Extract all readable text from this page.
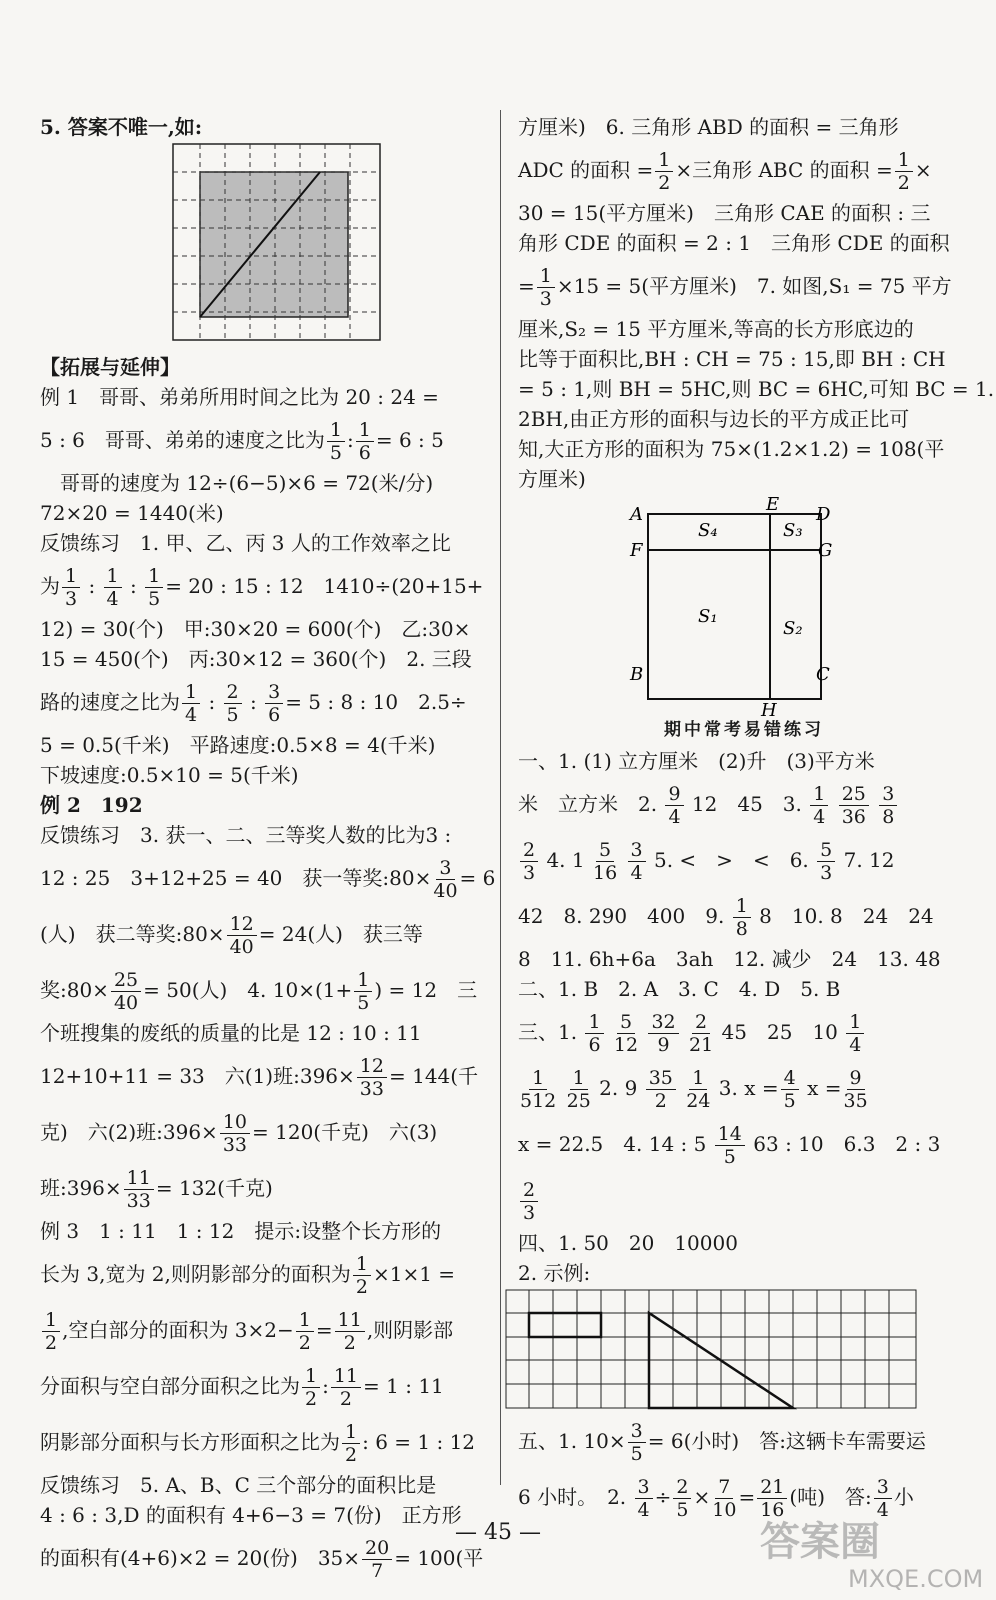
5. 答案不唯一,如:
【拓展与延伸】
例 1　哥哥、弟弟所用时间之比为 20 : 24 =
5 : 6　哥哥、弟弟的速度之比为 $\frac{1}{5}$ : $\frac{1}{6} = 6$ : 5
　哥哥的速度为 12÷(6−5)×6 = 72(米/分)
72×20 = 1440(米)
反馈练习　1. 甲、乙、丙 3 人的工作效率之比
为 $\frac{1}{3}$ : $\frac{1}{4}$ : $\frac{1}{5} = 20$ : 15 : 12　1410÷(20+15+
12) = 30(个)　甲:30×20 = 600(个)　乙:30×
15 = 450(个)　丙:30×12 = 360(个)　2. 三段
路的速度之比为 $\frac{1}{4}$ : $\frac{2}{5}$ : $\frac{3}{6} = 5$ : 8 : 10　2.5÷
5 = 0.5(千米)　平路速度:0.5×8 = 4(千米)
下坡速度:0.5×10 = 5(千米)
例 2　192
反馈练习　3. 获一、二、三等奖人数的比为3 :
12 : 25　3+12+25 = 40　获一等奖:80× $\frac{3}{40} = 6$
(人)　获二等奖:80× $\frac{12}{40} = 24$(人)　获三等
奖:80× $\frac{25}{40} = 50$(人)　4. $10\times(1+ \frac{1}{5}$ ) = 12　三
个班搜集的废纸的质量的比是 12 : 10 : 11
12+10+11 = 33　六(1)班:396× $\frac{12}{33} = 144$(千
克)　六(2)班:396× $\frac{10}{33} = 120$(千克)　六(3)
班:396× $\frac{11}{33} = 132$(千克)
例 3　1 : 11　1 : 12　提示:设整个长方形的
长为 3,宽为 2,则阴影部分的面积为 $\frac{1}{2} \times 1\times 1$ =
$\frac{1}{2}$ ,空白部分的面积为 $3\times 2- \frac{1}{2} = \frac{11}{2}$ ,则阴影部
分面积与空白部分面积之比为 $\frac{1}{2}$ : $\frac{11}{2} = 1$ : 11
阴影部分面积与长方形面积之比为 $\frac{1}{2}$ : 6 = 1 : 12
反馈练习　5. A、B、C 三个部分的面积比是
4 : 6 : 3,D 的面积有 4+6−3 = 7(份)　正方形
的面积有(4+6)×2 = 20(份)　$35\times \frac{20}{7} = 100$(平
方厘米)　6. 三角形 ABD 的面积 = 三角形
ADC 的面积 = $\frac{1}{2}$ ×三角形 ABC 的面积 = $\frac{1}{2}$ ×
30 = 15(平方厘米)　三角形 CAE 的面积 : 三
角形 CDE 的面积 = 2 : 1　三角形 CDE 的面积
= $\frac{1}{3} \times 15 = 5$(平方厘米)　7. 如图,S₁ = 75 平方
厘米,S₂ = 15 平方厘米,等高的长方形底边的
比等于面积比,BH : CH = 75 : 15,即 BH : CH
= 5 : 1,则 BH = 5HC,则 BC = 6HC,可知 BC = 1.
2BH,由正方形的面积与边长的平方成正比可
知,大正方形的面积为 75×(1.2×1.2) = 108(平
方厘米)
A	E D
F	G
B
H
C
S₄	S₃
S₁
S₂
期中常考易错练习
一、1. (1) 立方厘米　(2)升　(3)平方米
米　立方米　2. $\frac{9}{4} 12$　45　3. $\frac{1}{4}$
$\frac{25}{36}$
$\frac{3}{8}$
$\frac{2}{3} 4$. $1 \frac{5}{16}$
$\frac{3}{4} 5$. <　>　<　6. $\frac{5}{3} 7$. 12
42　8. 290　400　9. $\frac{1}{8} 8$　10. 8　24　24
8　11. 6h+6a　3ah　12. 减少　24　13. 48
二、1. B　2. A　3. C　4. D　5. B
三、1. $\frac{1}{6}$
$\frac{5}{12}$
$\frac{32}{9}$
$\frac{2}{21} 45$　25　$10 \frac{1}{4}$
$\frac{1}{512}$
$\frac{1}{25} 2$. $9 \frac{35}{2}$
$\frac{1}{24} 3$. $x = \frac{4}{5}$ $x = \frac{9}{35}$
x = 22.5　4. 14 : $5 \frac{14}{5} 63$ : 10　6.3　2 : 3
$\frac{2}{3}$
四、1. 50　20　10000
2. 示例:
五、1. $10\times \frac{3}{5} = 6$(小时)　答:这辆卡车需要运
6 小时。　2. $\frac{3}{4} \div \frac{2}{5} \times \frac{7}{10} = \frac{21}{16}$ (吨)　答: $\frac{3}{4}$ 小
— 45 —	答案圈
MXQE.COM
